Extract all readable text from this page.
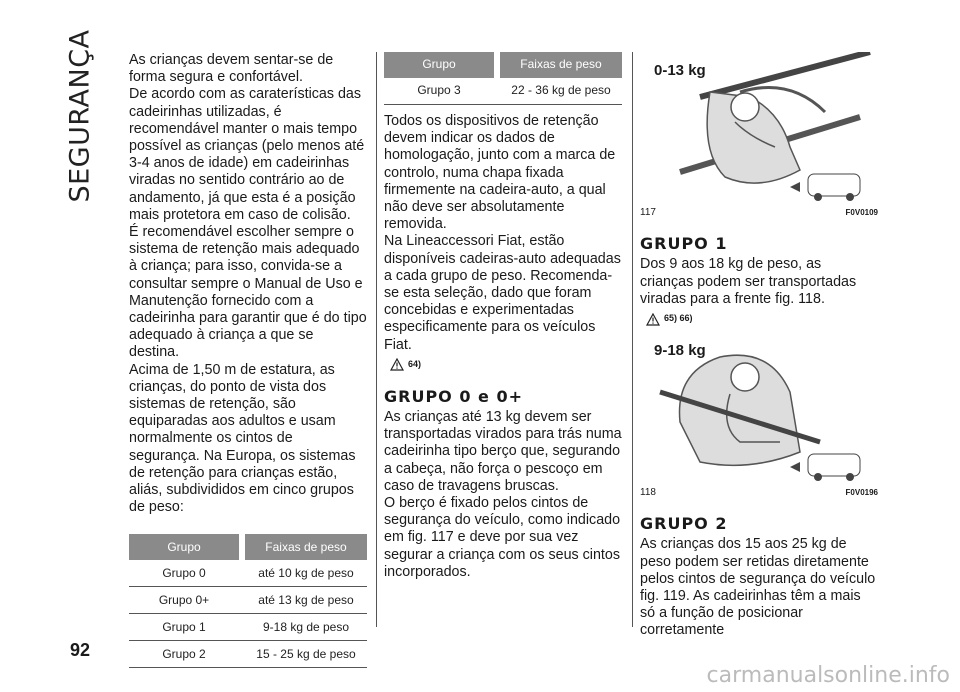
SEGURANÇA
92

As crianças devem sentar-se de forma segura e confortável.

De acordo com as caraterísticas das cadeirinhas utilizadas, é recomendável manter o mais tempo possível as crianças (pelo menos até 3-4 anos de idade) em cadeirinhas viradas no sentido contrário ao de andamento, já que esta é a posição mais protetora em caso de colisão.

É recomendável escolher sempre o sistema de retenção mais adequado à criança; para isso, convida-se a consultar sempre o Manual de Uso e Manutenção fornecido com a cadeirinha para garantir que é do tipo adequado à criança a que se destina.

Acima de 1,50 m de estatura, as crianças, do ponto de vista dos sistemas de retenção, são equiparadas aos adultos e usam normalmente os cintos de segurança. Na Europa, os sistemas de retenção para crianças estão, aliás, subdivididos em cinco grupos de peso:

Grupo		Faixas de peso
Grupo 0		até 10 kg de peso
Grupo 0+		até 13 kg de peso
Grupo 1		9-18 kg de peso
Grupo 2		15 - 25 kg de peso
Grupo		Faixas de peso
Grupo 3		22 - 36 kg de peso

Todos os dispositivos de retenção devem indicar os dados de homologação, junto com a marca de controlo, numa chapa fixada firmemente na cadeira-auto, a qual não deve ser absolutamente removida.

Na Lineaccessori Fiat, estão disponíveis cadeiras-auto adequadas a cada grupo de peso. Recomenda-se esta seleção, dado que foram concebidas e experimentadas especificamente para os veículos Fiat.

64)
GRUPO 0 e 0+

As crianças até 13 kg devem ser transportadas virados para trás numa cadeirinha tipo berço que, segurando a cabeça, não força o pescoço em caso de travagens bruscas.

O berço é fixado pelos cintos de segurança do veículo, como indicado em fig. 117 e deve por sua vez segurar a criança com os seus cintos incorporados.

0-13 kg
117	F0V0109
GRUPO 1

Dos 9 aos 18 kg de peso, as crianças podem ser transportadas viradas para a frente fig. 118.

65) 66)
9-18 kg
118	F0V0196
GRUPO 2

As crianças dos 15 aos 25 kg de peso podem ser retidas diretamente pelos cintos de segurança do veículo fig. 119. As cadeirinhas têm a mais só a função de posicionar corretamente

carmanualsonline.info
